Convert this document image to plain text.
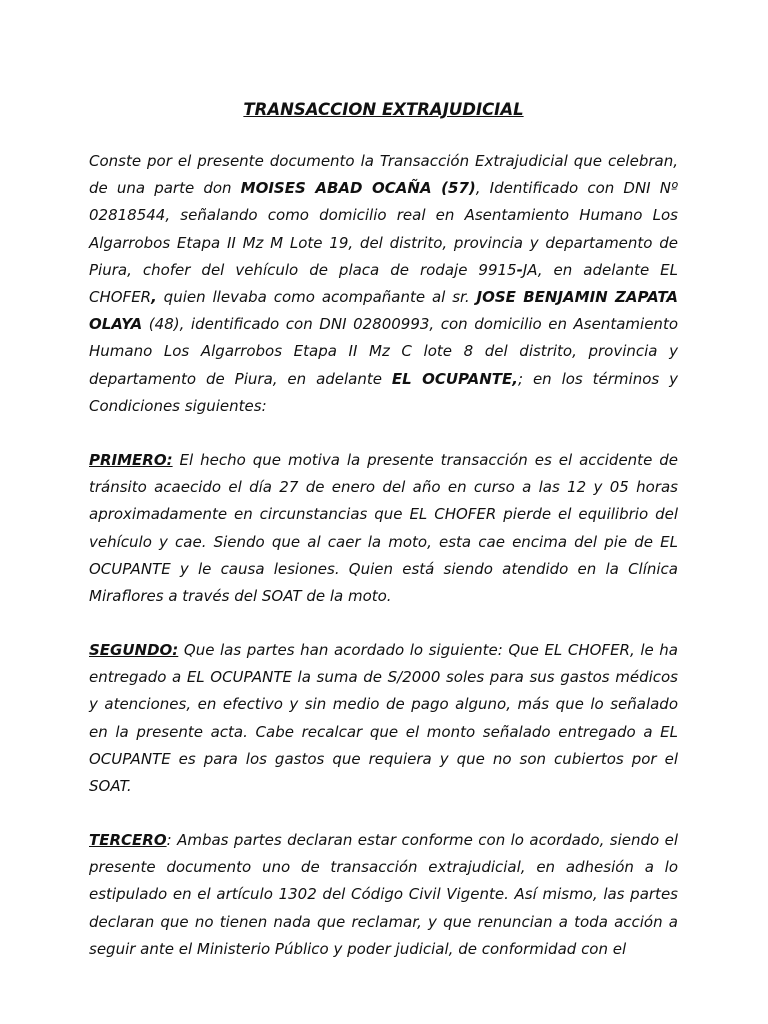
TRANSACCION EXTRAJUDICIAL

Conste por el presente documento la Transacción Extrajudicial que celebran, de una parte don MOISES ABAD OCAÑA (57), Identificado con DNI Nº 02818544, señalando como domicilio real en Asentamiento Humano Los Algarrobos Etapa II Mz M Lote 19, del distrito, provincia y departamento de Piura, chofer del vehículo de placa de rodaje 9915-JA, en adelante EL CHOFER, quien llevaba como acompañante al sr. JOSE BENJAMIN ZAPATA OLAYA (48), identificado con DNI 02800993, con domicilio en Asentamiento Humano Los Algarrobos Etapa II Mz C lote 8 del distrito, provincia y departamento de Piura, en adelante EL OCUPANTE,; en los términos y Condiciones siguientes:

PRIMERO: El hecho que motiva la presente transacción es el accidente de tránsito acaecido el día 27 de enero del año en curso a las 12 y 05 horas aproximadamente en circunstancias que EL CHOFER pierde el equilibrio del vehículo y cae. Siendo que al caer la moto, esta cae encima del pie de EL OCUPANTE y le causa lesiones. Quien está siendo atendido en la Clínica Miraflores a través del SOAT de la moto.

SEGUNDO: Que las partes han acordado lo siguiente: Que EL CHOFER, le ha entregado a EL OCUPANTE la suma de S/2000 soles para sus gastos médicos y atenciones, en efectivo y sin medio de pago alguno, más que lo señalado en la presente acta. Cabe recalcar que el monto señalado entregado a EL OCUPANTE es para los gastos que requiera y que no son cubiertos por el SOAT.

TERCERO: Ambas partes declaran estar conforme con lo acordado, siendo el presente documento uno de transacción extrajudicial, en adhesión a lo estipulado en el artículo 1302 del Código Civil Vigente. Así mismo, las partes declaran que no tienen nada que reclamar, y que renuncian a toda acción a seguir ante el Ministerio Público y poder judicial, de conformidad con el
